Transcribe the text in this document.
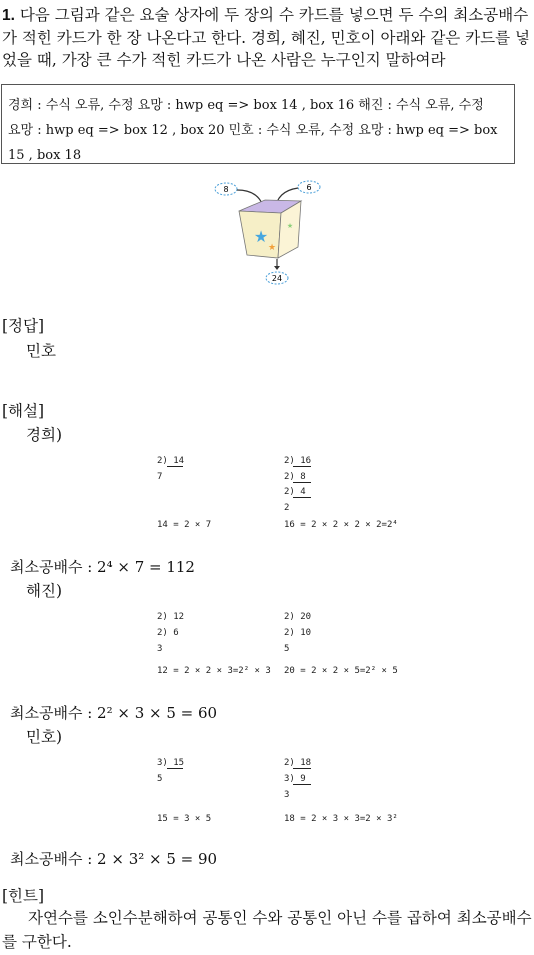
1. 다음 그림과 같은 요술 상자에 두 장의 수 카드를 넣으면 두 수의 최소공배수가 적힌 카드가 한 장 나온다고 한다. 경희, 혜진, 민호이 아래와 같은 카드를 넣었을 때, 가장 큰 수가 적힌 카드가 나온 사람은 누구인지 말하여라
경희 : 수식 오류, 수정 요망 : hwp eq => box 14 , box 16 해진 : 수식 오류, 수정
요망 : hwp eq => box 12 , box 20 민호 : 수식 오류, 수정 요망 : hwp eq => box
15 , box 18
8	6
★
★
★
24
[정답]
민호
[해설]
경희)
2) 14
7
14 = 2 × 7
2) 16
2) 8
2) 4
2
16 = 2 × 2 × 2 × 2=2⁴
최소공배수 : 2⁴ × 7 = 112
해진)
2) 12
2) 6
3
12 = 2 × 2 × 3=2² × 3
2) 20
2) 10
5
20 = 2 × 2 × 5=2² × 5
최소공배수 : 2² × 3 × 5 = 60
민호)
3) 15
5
15 = 3 × 5
2) 18
3) 9
3
18 = 2 × 3 × 3=2 × 3²
최소공배수 : 2 × 3² × 5 = 90
[힌트]
자연수를 소인수분해하여 공통인 수와 공통인 아닌 수를 곱하여 최소공배수를 구한다.
